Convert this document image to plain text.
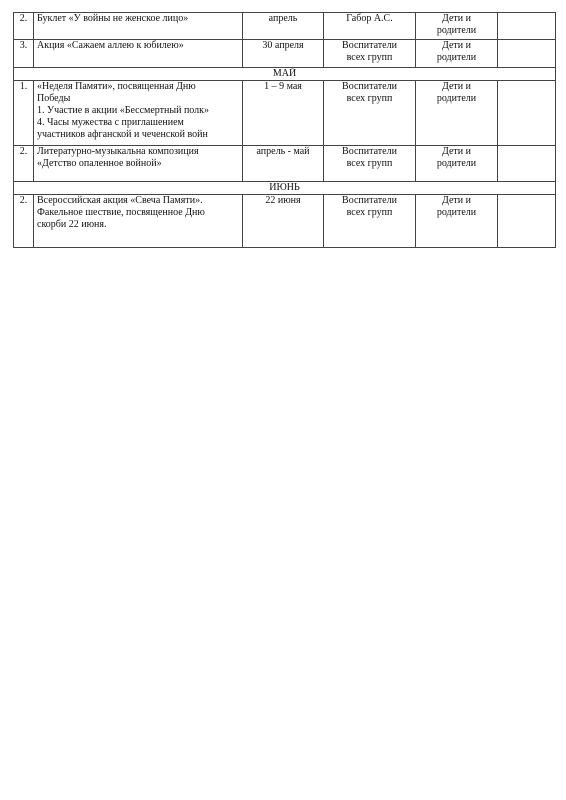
2.	Буклет «У войны не женское лицо»	апрель	Габор А.С.	Дети и
родители	

3.	Акция «Сажаем аллею к юбилею»	30 апреля	Воспитатели
всех групп	Дети и
родители	

МАЙ					
1.	«Неделя Памяти», посвященная Дню
Победы
1. Участие в акции «Бессмертный полк»
4. Часы мужества с приглашением
участников афганской и чеченской войн	1 – 9 мая	Воспитатели
всех групп	Дети и
родители	

2.	Литературно-музыкальна композиция
«Детство опаленное войной»	апрель - май	Воспитатели
всех групп	Дети и
родители	

ИЮНЬ					
2.	Всероссийская акция «Свеча Памяти».
Факельное шествие, посвященное Дню
скорби 22 июня.	22 июня	Воспитатели
всех групп	Дети и
родители	
